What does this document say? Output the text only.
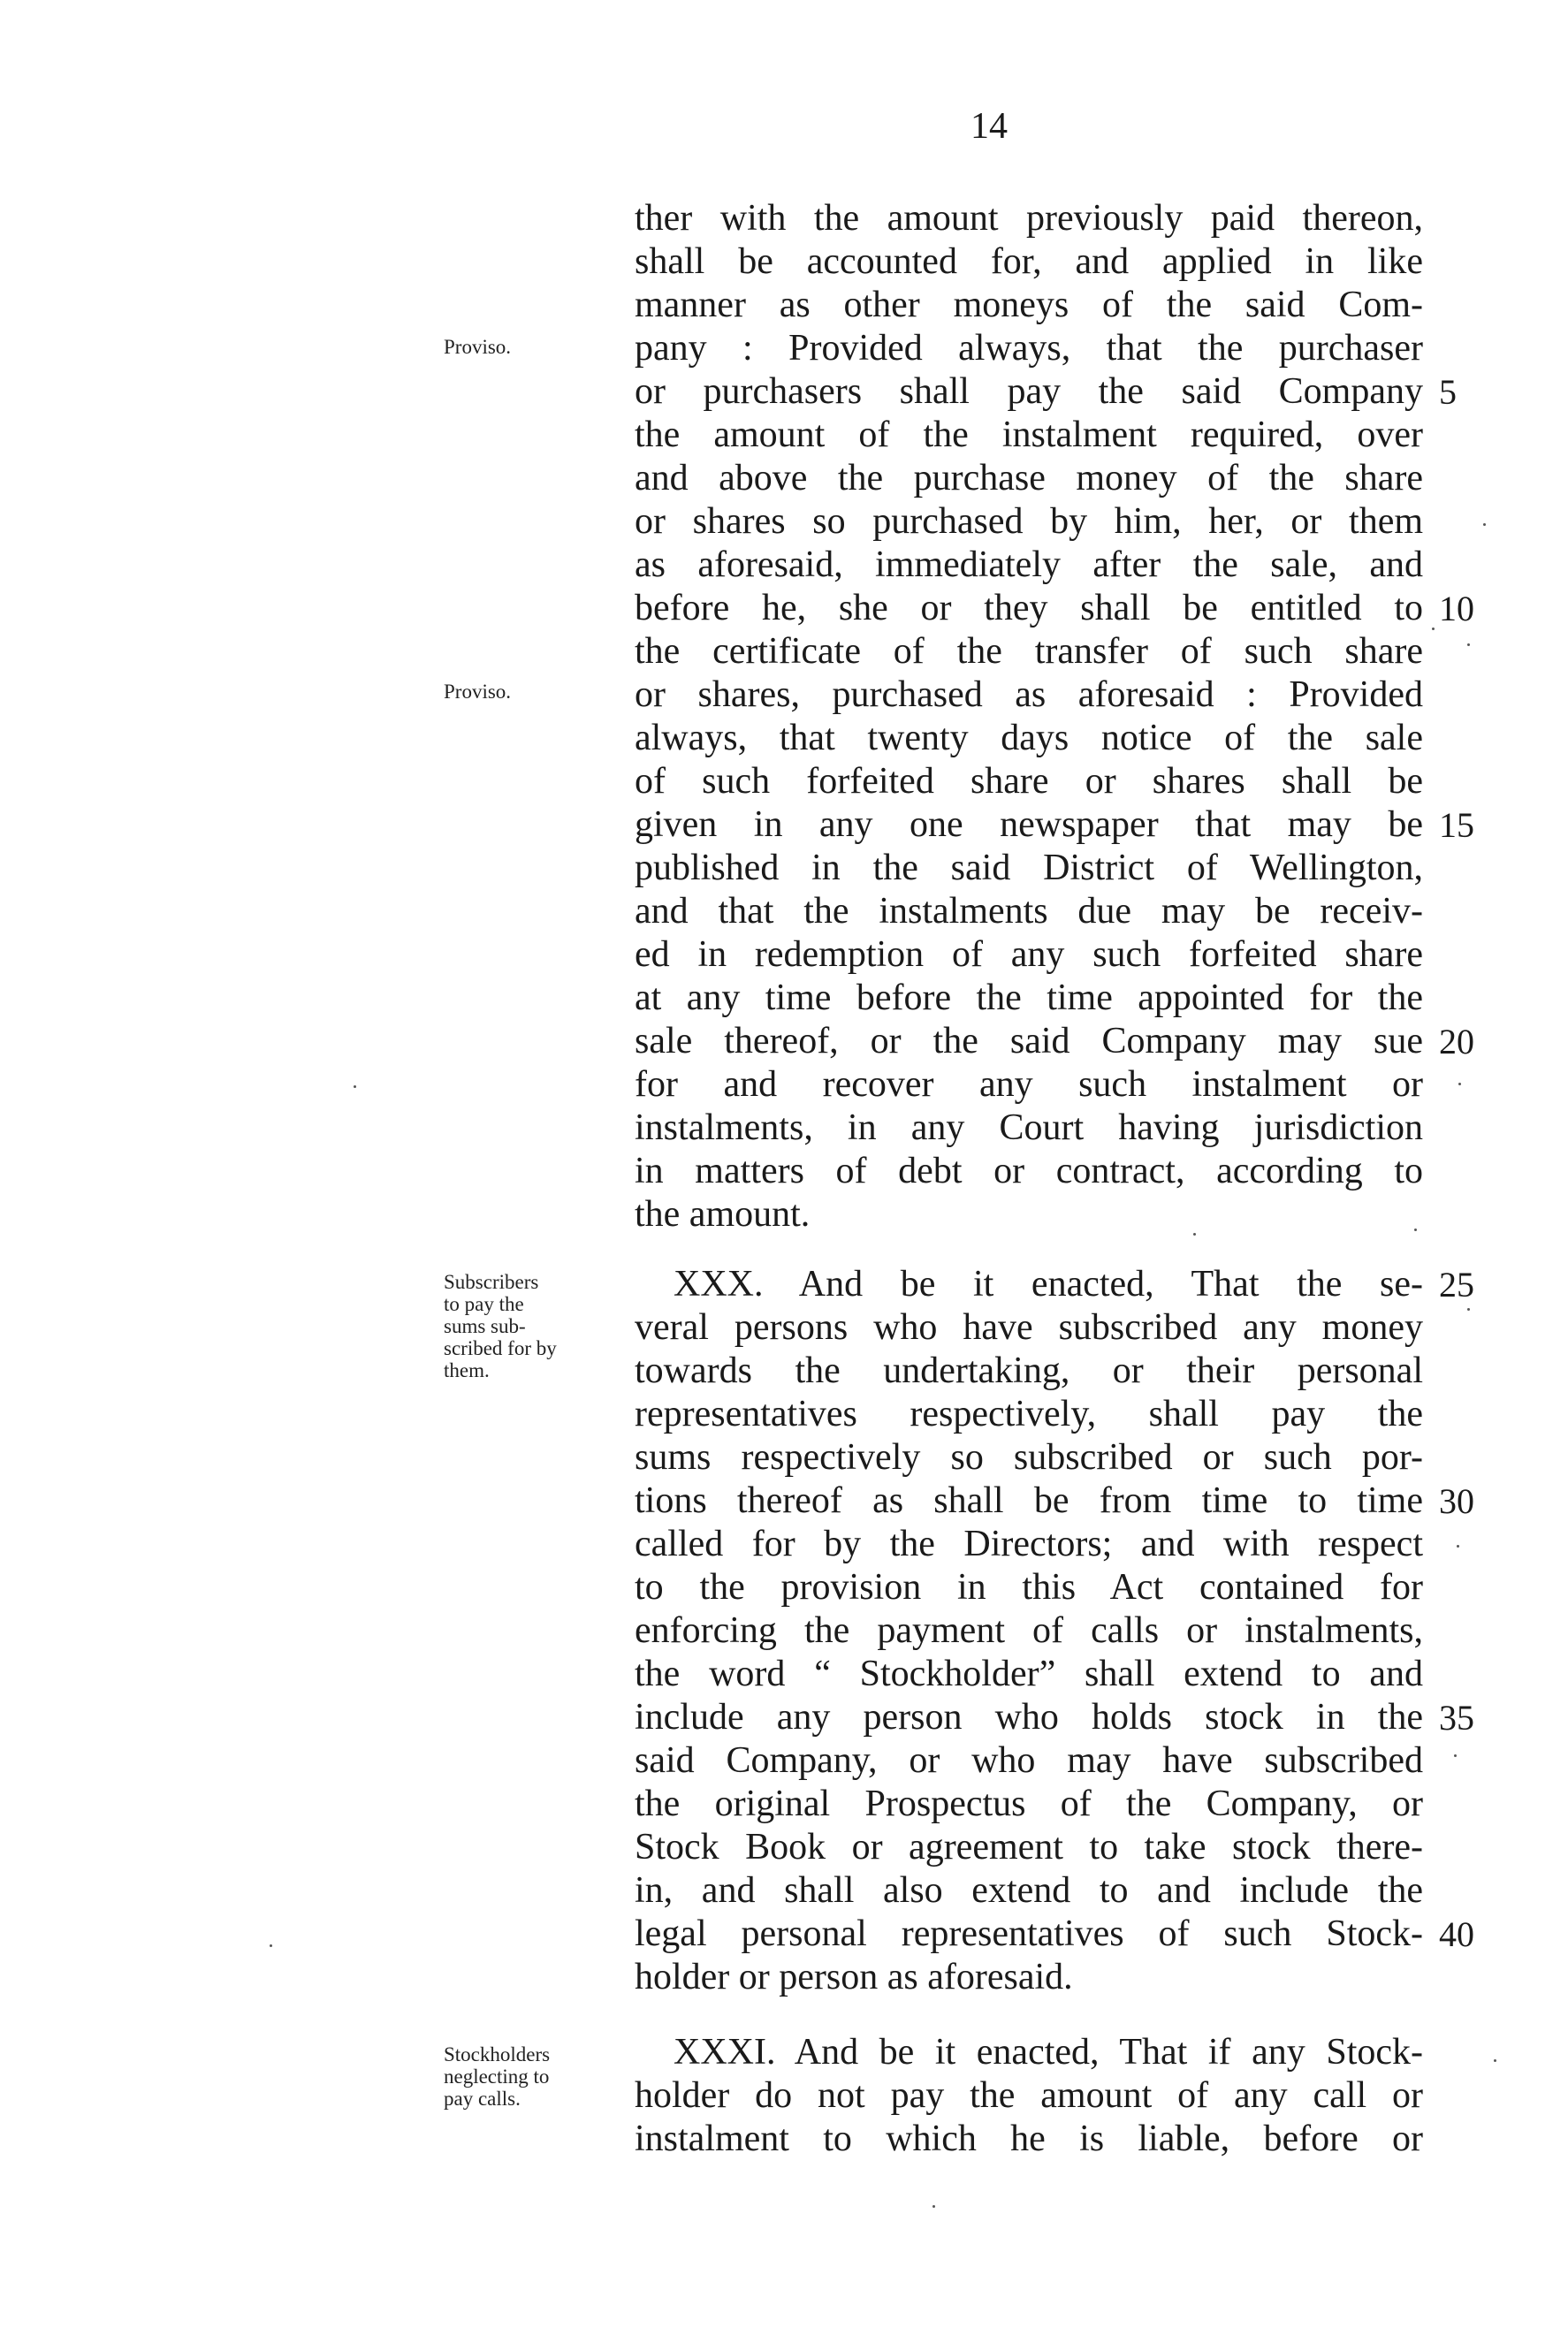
14
Proviso.
Proviso.
Subscribers
to pay the
sums sub-
scribed for by
them.
Stockholders
neglecting to
pay calls.
ther with the amount previously paid thereon,
shall be accounted for, and applied in like
manner as other moneys of the said Com-
pany : Provided always, that the purchaser
or purchasers shall pay the said Company
the amount of the instalment required, over
and above the purchase money of the share
or shares so purchased by him, her, or them
as aforesaid, immediately after the sale, and
before he, she or they shall be entitled to
the certificate of the transfer of such share
or shares, purchased as aforesaid : Provided
always, that twenty days notice of the sale
of such forfeited share or shares shall be
given in any one newspaper that may be
published in the said District of Wellington,
and that the instalments due may be receiv-
ed in redemption of any such forfeited share
at any time before the time appointed for the
sale thereof, or the said Company may sue
for and recover any such instalment or
instalments, in any Court having jurisdiction
in matters of debt or contract, according to
the amount.
XXX. And be it enacted, That the se-
veral persons who have subscribed any money
towards the undertaking, or their personal
representatives respectively, shall pay the
sums respectively so subscribed or such por-
tions thereof as shall be from time to time
called for by the Directors; and with respect
to the provision in this Act contained for
enforcing the payment of calls or instalments,
the word “ Stockholder” shall extend to and
include any person who holds stock in the
said Company, or who may have subscribed
the original Prospectus of the Company, or
Stock Book or agreement to take stock there-
in, and shall also extend to and include the
legal personal representatives of such Stock-
holder or person as aforesaid.
XXXI. And be it enacted, That if any Stock-
holder do not pay the amount of any call or
instalment to which he is liable, before or
5
10
15
20
25
30
35
40
